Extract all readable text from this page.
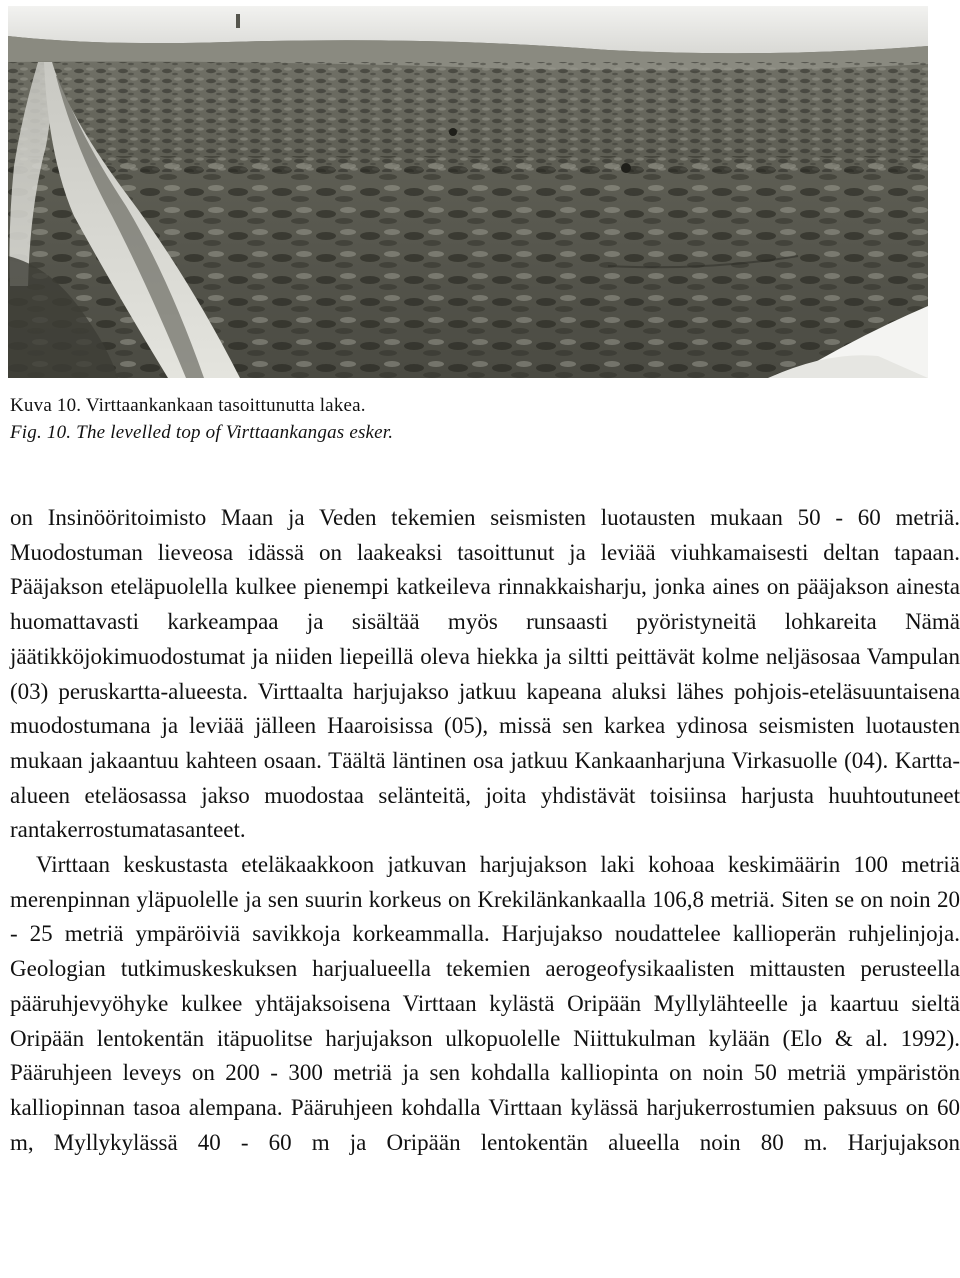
Kuva 10. Virttaankankaan tasoittunutta lakea.
Fig. 10. The levelled top of Virttaankangas esker.

on Insinööritoimisto Maan ja Veden tekemien seismisten luotausten mukaan 50 - 60 metriä. Muodostuman lieveosa idässä on laakeaksi tasoittunut ja leviää viuhkamaisesti deltan tapaan. Pääjakson eteläpuolella kulkee pienempi katkeileva rinnakkaisharju, jonka aines on pääjakson ainesta huomattavasti karkeampaa ja sisältää myös runsaasti pyöristyneitä lohkareita Nämä jäätikköjokimuodostumat ja niiden liepeillä oleva hiekka ja siltti peittävät kolme neljäsosaa Vampulan (03) peruskartta-alueesta. Virttaalta harjujakso jatkuu kapeana aluksi lähes pohjois-eteläsuuntaisena muodostumana ja leviää jälleen Haaroisissa (05), missä sen karkea ydinosa seismisten luotausten mukaan jakaantuu kahteen osaan. Täältä läntinen osa jatkuu Kankaanharjuna Virkasuolle (04). Kartta-alueen eteläosassa jakso muodostaa selänteitä, joita yhdistävät toisiinsa harjusta huuhtoutuneet rantakerrostumatasanteet.

Virttaan keskustasta eteläkaakkoon jatkuvan harjujakson laki kohoaa keskimäärin 100 metriä merenpinnan yläpuolelle ja sen suurin korkeus on Krekilänkankaalla 106,8 metriä. Siten se on noin 20 - 25 metriä ympäröiviä savikkoja korkeammalla. Harjujakso noudattelee kallioperän ruhjelinjoja. Geologian tutkimuskeskuksen harjualueella tekemien aerogeofysikaalisten mittausten perusteella pääruhjevyöhyke kulkee yhtäjaksoisena Virttaan kylästä Oripään Myllylähteelle ja kaartuu sieltä Oripään lentokentän itäpuolitse harjujakson ulkopuolelle Niittukulman kylään (Elo & al. 1992). Pääruhjeen leveys on 200 - 300 metriä ja sen kohdalla kalliopinta on noin 50 metriä ympäristön kalliopinnan tasoa alempana. Pääruhjeen kohdalla Virttaan kylässä harjukerrostumien paksuus on 60 m, Myllykylässä 40 - 60 m ja Oripään lentokentän alueella noin 80 m. Harjujakson
